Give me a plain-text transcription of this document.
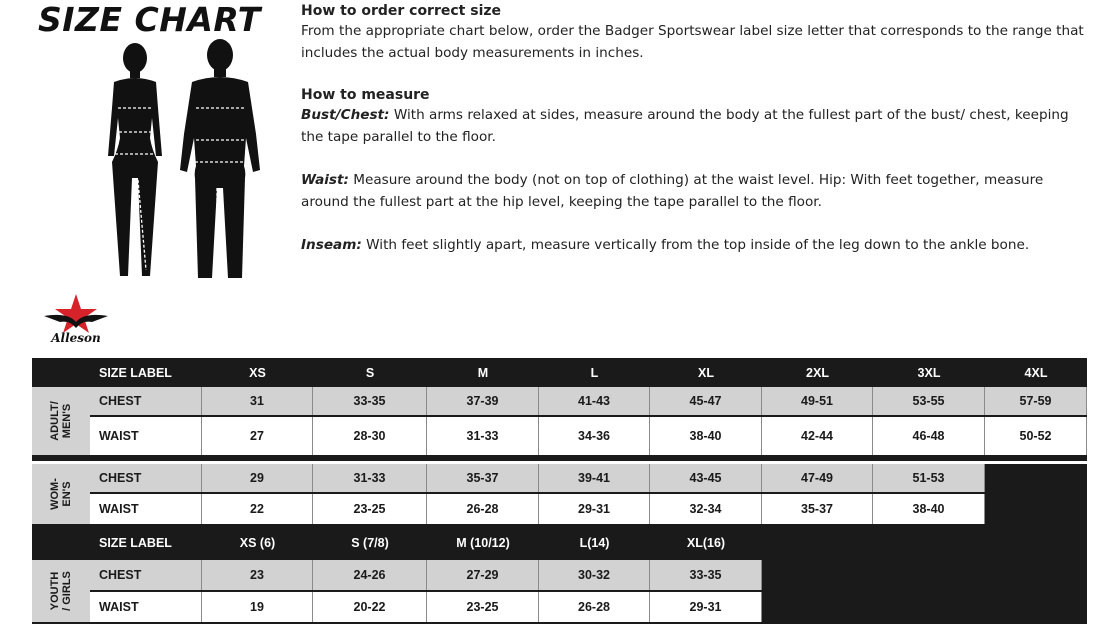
SIZE CHART	How to order correct size

From the appropriate chart below, order the Badger Sportswear label size letter that corresponds to the range that includes the actual body measurements in inches.

How to measure

Bust/Chest: With arms relaxed at sides, measure around the body at the fullest part of the bust/ chest, keeping the tape parallel to the floor.

Waist: Measure around the body (not on top of clothing) at the waist level. Hip: With feet together, measure around the fullest part at the hip level, keeping the tape parallel to the floor.

Inseam: With feet slightly apart, measure vertically from the top inside of the leg down to the ankle bone.

Alleson
SIZE LABEL	XS	S	M	L	XL	2XL	3XL	4XL
ADULT/
MEN'S
CHEST	31	33-35	37-39	41-43	45-47	49-51	53-55	57-59
WAIST	27	28-30	31-33	34-36	38-40	42-44	46-48	50-52
WOM-
EN'S
CHEST	29	31-33	35-37	39-41	43-45	47-49	51-53
WAIST	22	23-25	26-28	29-31	32-34	35-37	38-40
SIZE LABEL	XS (6)	S (7/8)	M (10/12)	L(14)	XL(16)
YOUTH
/ GIRLS	CHEST	23	24-26	27-29	30-32	33-35
WAIST	19	20-22	23-25	26-28	29-31
